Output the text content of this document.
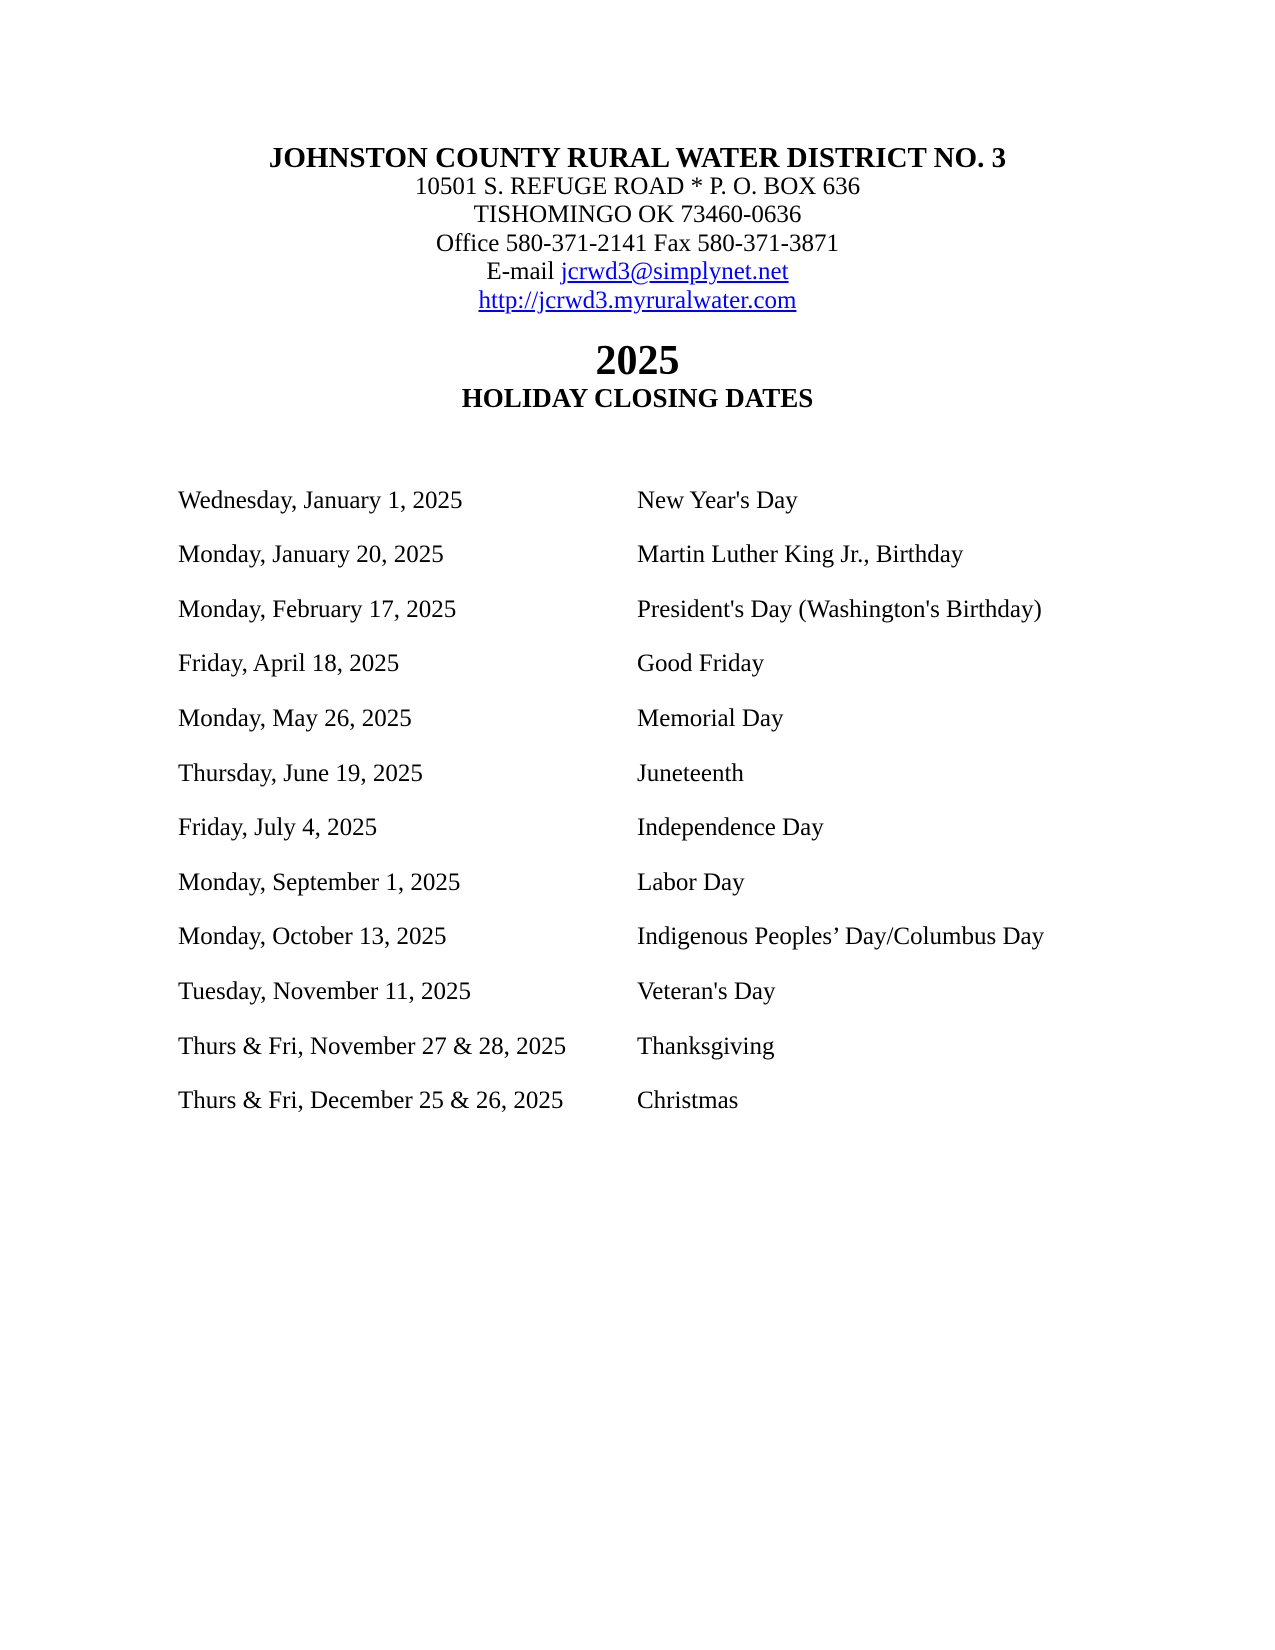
JOHNSTON COUNTY RURAL WATER DISTRICT NO. 3
10501 S. REFUGE ROAD * P. O. BOX 636
TISHOMINGO OK 73460-0636
Office 580-371-2141 Fax 580-371-3871
E-mail jcrwd3@simplynet.net
http://jcrwd3.myruralwater.com
2025
HOLIDAY CLOSING DATES
Wednesday, January 1, 2025	New Year's Day
Monday, January 20, 2025	Martin Luther King Jr., Birthday
Monday, February 17, 2025	President's Day (Washington's Birthday)
Friday, April 18, 2025	Good Friday
Monday, May 26, 2025	Memorial Day
Thursday, June 19, 2025	Juneteenth
Friday, July 4, 2025	Independence Day
Monday, September 1, 2025	Labor Day
Monday, October 13, 2025	Indigenous Peoples’ Day/Columbus Day
Tuesday, November 11, 2025	Veteran's Day
Thurs & Fri, November 27 & 28, 2025	Thanksgiving
Thurs & Fri, December 25 & 26, 2025	Christmas
